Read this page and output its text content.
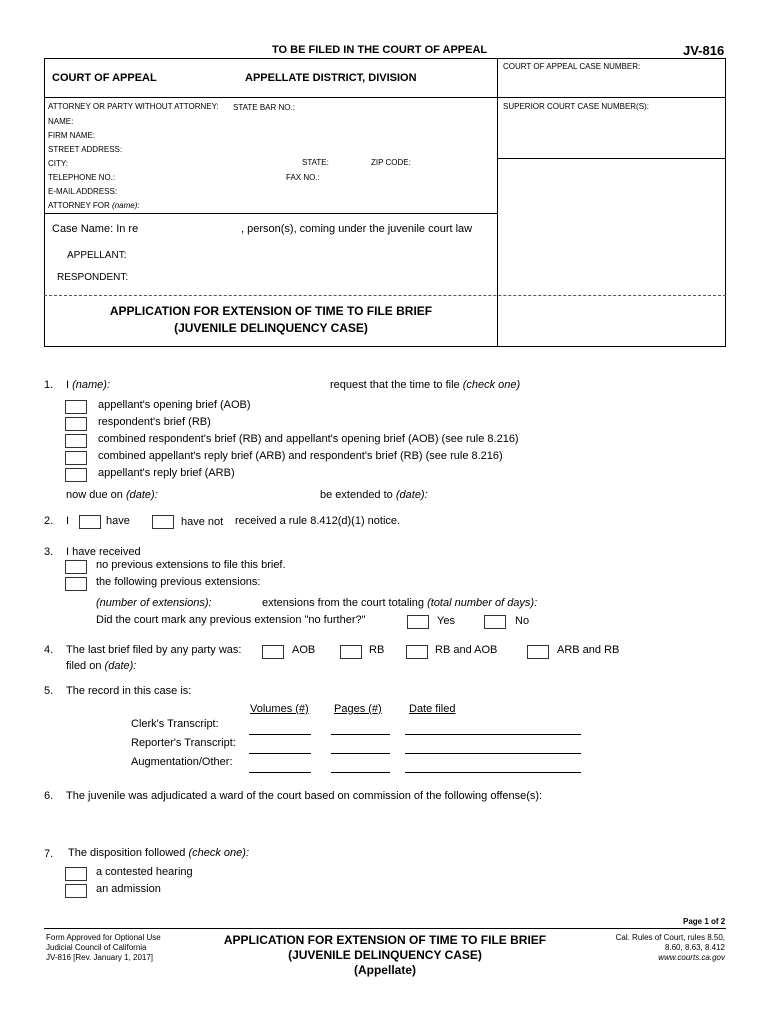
TO BE FILED IN THE COURT OF APPEAL	JV-816
COURT OF APPEAL	APPELLATE DISTRICT, DIVISION
COURT OF APPEAL CASE NUMBER:
SUPERIOR COURT CASE NUMBER(S):
ATTORNEY OR PARTY WITHOUT ATTORNEY: STATE BAR NO.:
NAME:
FIRM NAME:
STREET ADDRESS:
CITY:	STATE:	ZIP CODE:
TELEPHONE NO.:	FAX NO.:
E-MAIL ADDRESS:
ATTORNEY FOR (name):
Case Name: In re	, person(s), coming under the juvenile court law
APPELLANT:
RESPONDENT:
APPLICATION FOR EXTENSION OF TIME TO FILE BRIEF
(JUVENILE DELINQUENCY CASE)
1. I (name):	request that the time to file (check one)
appellant's opening brief (AOB)
respondent's brief (RB)
combined respondent's brief (RB) and appellant's opening brief (AOB) (see rule 8.216)
combined appellant's reply brief (ARB) and respondent's brief (RB) (see rule 8.216)
appellant's reply brief (ARB)
now due on (date):	be extended to (date):
2. I	have	have not received a rule 8.412(d)(1) notice.
3. I have received
no previous extensions to file this brief.
the following previous extensions:
(number of extensions):	extensions from the court totaling (total number of days):
Did the court mark any previous extension "no further?"	Yes	No
4. The last brief filed by any party was:	AOB	RB	RB and AOB	ARB and RB
filed on (date):
5. The record in this case is:
Volumes (#) Pages (#) Date filed
Clerk's Transcript:
Reporter's Transcript:
Augmentation/Other:
6. The juvenile was adjudicated a ward of the court based on commission of the following offense(s):
7. The disposition followed (check one):
a contested hearing
an admission
Page 1 of 2
Form Approved for Optional Use
Judicial Council of California
JV-816 [Rev. January 1, 2017]
APPLICATION FOR EXTENSION OF TIME TO FILE BRIEF
(JUVENILE DELINQUENCY CASE)
(Appellate)
Cal. Rules of Court, rules 8.50,
8.60, 8.63, 8.412
www.courts.ca.gov
